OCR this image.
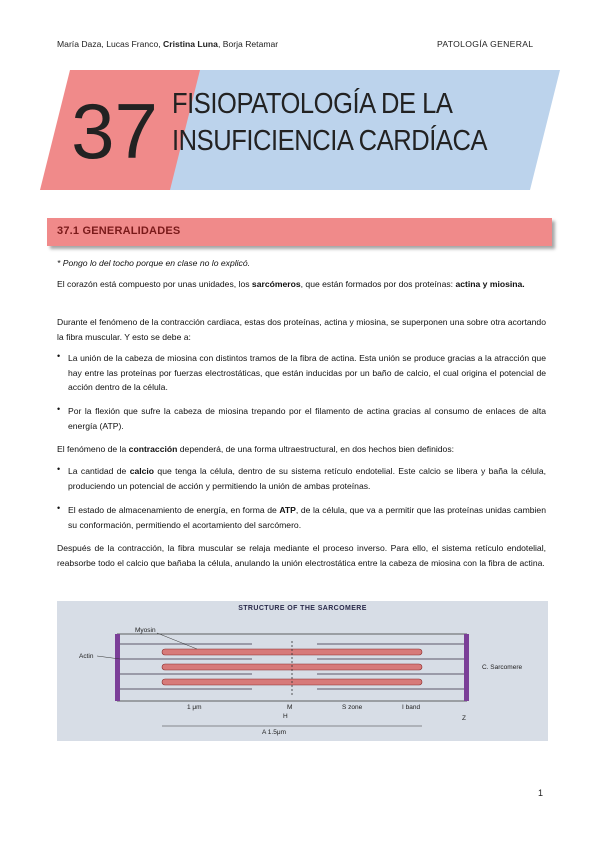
María Daza, Lucas Franco, Cristina Luna, Borja Retamar	PATOLOGÍA GENERAL
37 FISIOPATOLOGÍA DE LA
INSUFICIENCIA CARDÍACA
37.1 GENERALIDADES
* Pongo lo del tocho porque en clase no lo explicó.
El corazón está compuesto por unas unidades, los sarcómeros, que están formados por dos proteínas: actina y miosina.
Durante el fenómeno de la contracción cardiaca, estas dos proteínas, actina y miosina, se superponen una sobre otra acortando la fibra muscular. Y esto se debe a:
• La unión de la cabeza de miosina con distintos tramos de la fibra de actina. Esta unión se produce gracias a la atracción que hay entre las proteínas por fuerzas electrostáticas, que están inducidas por un baño de calcio, el cual origina el potencial de acción dentro de la célula.
• Por la flexión que sufre la cabeza de miosina trepando por el filamento de actina gracias al consumo de enlaces de alta energía (ATP).
El fenómeno de la contracción dependerá, de una forma ultraestructural, en dos hechos bien definidos:
• La cantidad de calcio que tenga la célula, dentro de su sistema retículo endotelial. Este calcio se libera y baña la célula, produciendo un potencial de acción y permitiendo la unión de ambas proteínas.
• El estado de almacenamiento de energía, en forma de ATP, de la célula, que va a permitir que las proteínas unidas cambien su conformación, permitiendo el acortamiento del sarcómero.
Después de la contracción, la fibra muscular se relaja mediante el proceso inverso. Para ello, el sistema retículo endotelial, reabsorbe todo el calcio que bañaba la célula, anulando la unión electrostática entre la cabeza de miosina con la fibra de actina.
STRUCTURE OF THE SARCOMERE
Myosin
Actin
C. Sarcomere
1 μm	M
H
S zone	I band
Z
A 1.5μm
1
